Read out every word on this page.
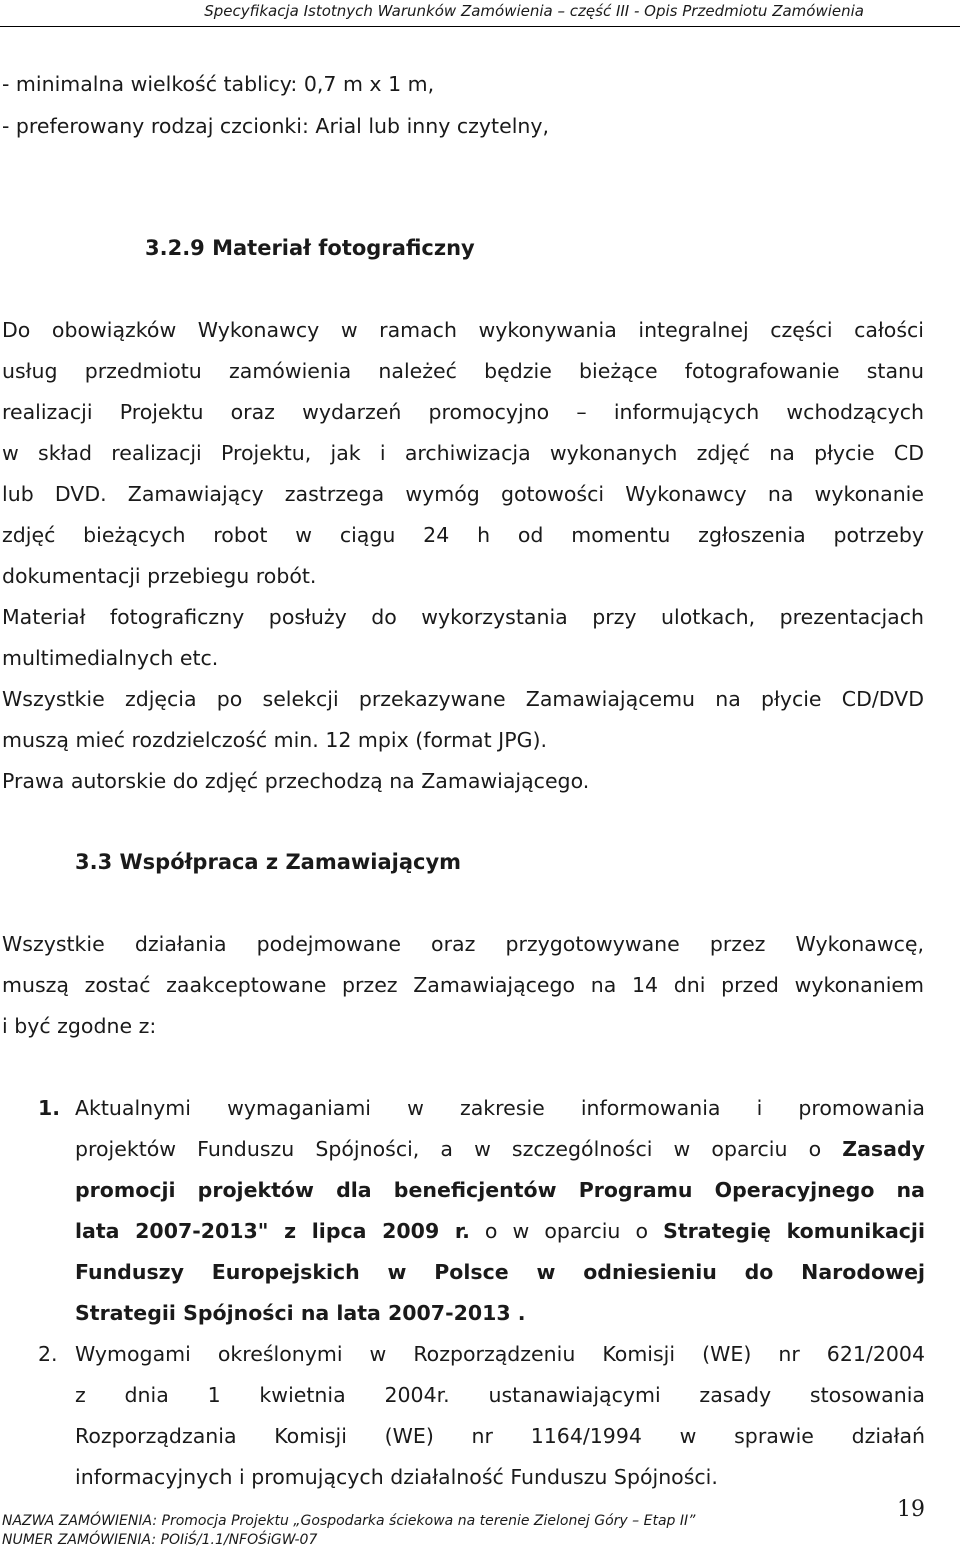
Specyfikacja Istotnych Warunków Zamówienia – część III - Opis Przedmiotu Zamówienia
- minimalna wielkość tablicy: 0,7 m x 1 m,
- preferowany rodzaj czcionki: Arial lub inny czytelny,
3.2.9 Materiał fotograficzny
Do obowiązków Wykonawcy w ramach wykonywania integralnej części całości
usług przedmiotu zamówienia należeć będzie bieżące fotografowanie stanu
realizacji Projektu oraz wydarzeń promocyjno – informujących wchodzących
w skład realizacji Projektu, jak i archiwizacja wykonanych zdjęć na płycie CD
lub DVD. Zamawiający zastrzega wymóg gotowości Wykonawcy na wykonanie
zdjęć bieżących robot w ciągu 24 h od momentu zgłoszenia potrzeby
dokumentacji przebiegu robót.
Materiał fotograficzny posłuży do wykorzystania przy ulotkach, prezentacjach
multimedialnych etc.
Wszystkie zdjęcia po selekcji przekazywane Zamawiającemu na płycie CD/DVD
muszą mieć rozdzielczość min. 12 mpix (format JPG).
Prawa autorskie do zdjęć przechodzą na Zamawiającego.
3.3 Współpraca z Zamawiającym
Wszystkie działania podejmowane oraz przygotowywane przez Wykonawcę,
muszą zostać zaakceptowane przez Zamawiającego na 14 dni przed wykonaniem
i być zgodne z:
1. Aktualnymi wymaganiami w zakresie informowania i promowania
projektów Funduszu Spójności, a w szczególności w oparciu o Zasady
promocji projektów dla beneficjentów Programu Operacyjnego na
lata 2007-2013" z lipca 2009 r. o w oparciu o Strategię komunikacji
Funduszy Europejskich w Polsce w odniesieniu do Narodowej
Strategii Spójności na lata 2007-2013 .
2. Wymogami określonymi w Rozporządzeniu Komisji (WE) nr 621/2004
z dnia 1 kwietnia 2004r. ustanawiającymi zasady stosowania
Rozporządzania Komisji (WE) nr 1164/1994 w sprawie działań
informacyjnych i promujących działalność Funduszu Spójności.
19
NAZWA ZAMÓWIENIA: Promocja Projektu „Gospodarka ściekowa na terenie Zielonej Góry – Etap II”
NUMER ZAMÓWIENIA: POIiŚ/1.1/NFOŚiGW-07
